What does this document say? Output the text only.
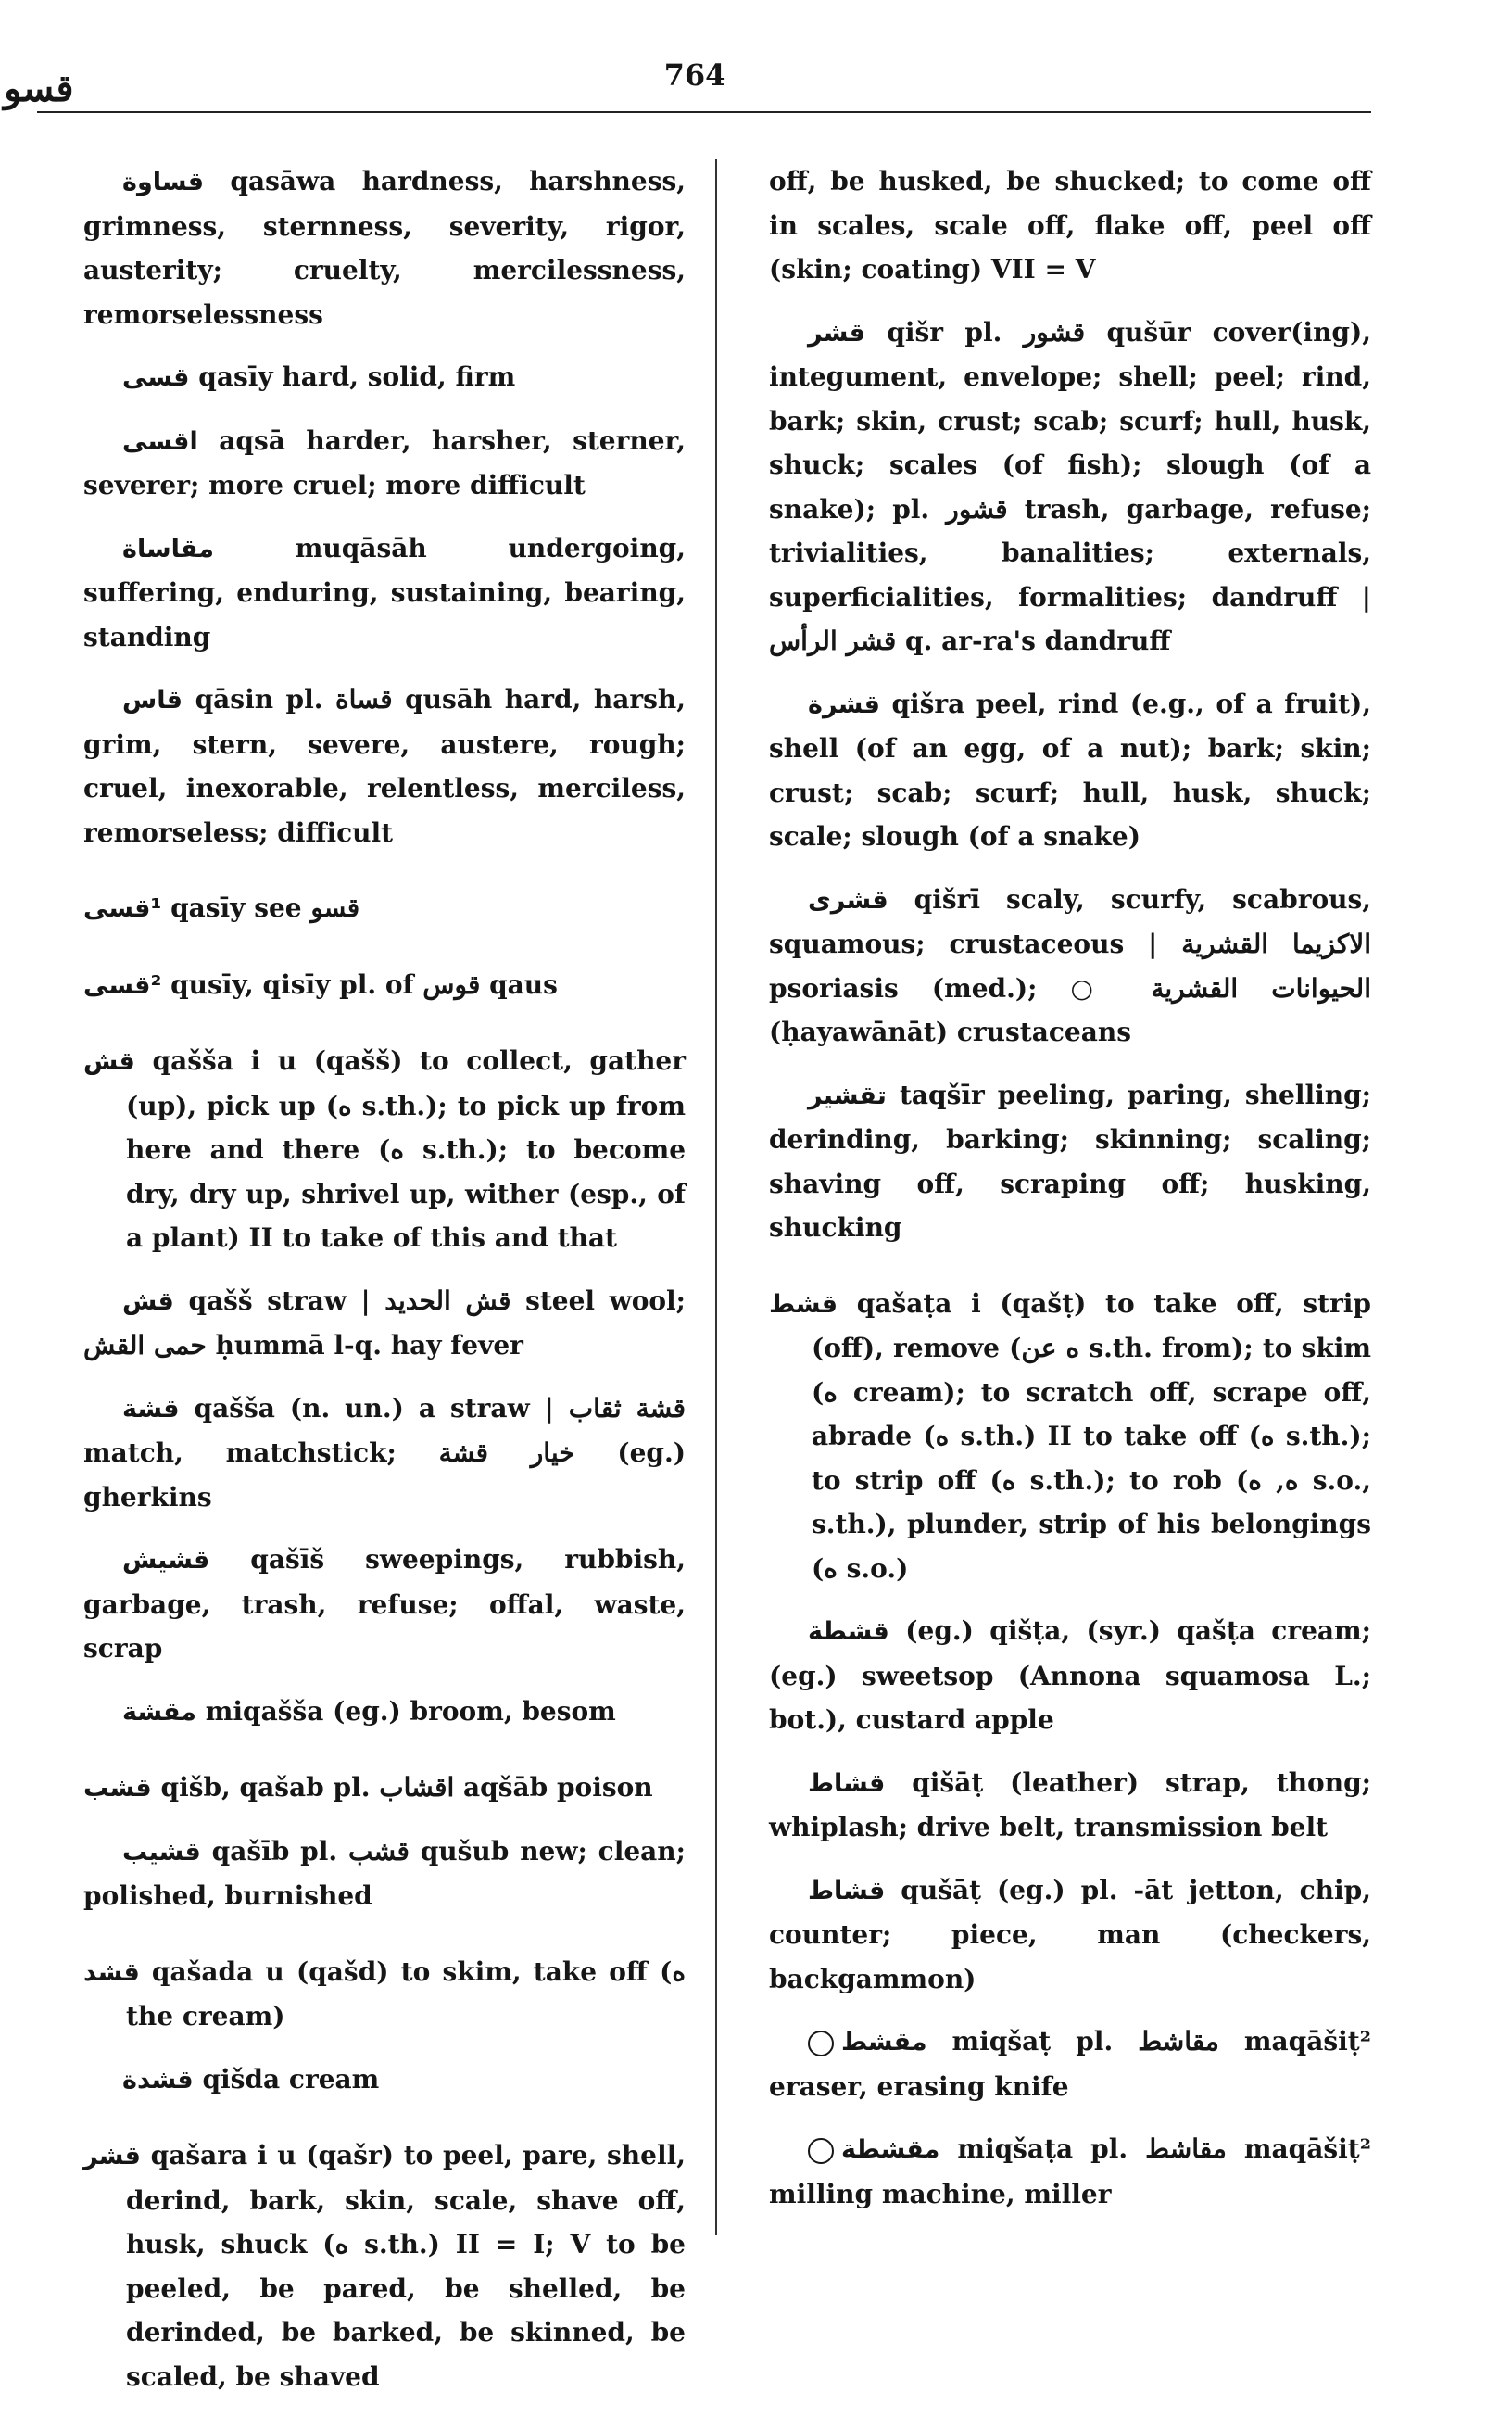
قسو	764

قساوة qasāwa hardness, harshness, grimness, sternness, severity, rigor, austerity; cruelty, mercilessness, remorselessness

قسى qasīy hard, solid, firm

اقسى aqsā harder, harsher, sterner, severer; more cruel; more difficult

مقاساة	muqāsāh undergoing, suffering, enduring, sustaining, bearing, standing

قاس qāsin pl. قساة qusāh hard, harsh, grim, stern, severe, austere, rough; cruel, inexorable, relentless, merciless, remorseless; difficult

¹قسى qasīy see قسو

²قسى qusīy, qisīy pl. of قوس qaus

قش qašša i u (qašš) to collect, gather (up), pick up (ه s.th.); to pick up from here and there (ه s.th.); to become dry, dry up, shrivel up, wither (esp., of a plant) II to take of this and that

قش qašš straw | قش الحديد steel wool; حمى القش ḥummā l-q. hay fever

قشة qašša (n. un.) a straw | قشة ثقاب match, matchstick; خيار قشة (eg.) gherkins

قشيش qašīš sweepings, rubbish, garbage, trash, refuse; offal, waste, scrap

مقشة miqašša (eg.) broom, besom

قشب qišb, qašab pl. اقشاب aqšāb poison

قشيب qašīb pl. قشب qušub new; clean; polished, burnished

قشد qašada u (qašd) to skim, take off (ه the cream)

قشدة qišda cream

قشر qašara i u (qašr) to peel, pare, shell, derind, bark, skin, scale, shave off, husk, shuck (ه s.th.) II = I; V to be peeled, be pared, be shelled, be derinded, be barked, be skinned, be scaled, be shaved

off, be husked, be shucked; to come off in scales, scale off, flake off, peel off (skin; coating) VII = V

قشر qišr pl. قشور qušūr cover(ing), integument, envelope; shell; peel; rind, bark; skin, crust; scab; scurf; hull, husk, shuck; scales (of fish); slough (of a snake); pl. قشور trash, garbage, refuse; trivialities, banalities; externals, superficialities, formalities; dandruff | قشر الرأس q. ar-ra's dandruff

قشرة qišra peel, rind (e.g., of a fruit), shell (of an egg, of a nut); bark; skin; crust; scab; scurf; hull, husk, shuck; scale; slough (of a snake)

قشرى qišrī scaly, scurfy, scabrous, squamous; crustaceous | الاكزيما القشرية psoriasis (med.); ○ الحيوانات القشرية (ḥayawānāt) crustaceans

تقشير taqšīr peeling, paring, shelling; derinding, barking; skinning; scaling; shaving off, scraping off; husking, shucking

قشط qašaṭa i (qašṭ) to take off, strip (off), remove (ه عن s.th. from); to skim (ه cream); to scratch off, scrape off, abrade (ه s.th.) II to take off (ه s.th.); to strip off (ه s.th.); to rob (ه, ه s.o., s.th.), plunder, strip of his belongings (ه s.o.)

قشطة (eg.) qišṭa, (syr.) qašṭa cream; (eg.) sweetsop (Annona squamosa L.; bot.), custard apple

قشاط qišāṭ (leather) strap, thong; whiplash; drive belt, transmission belt

قشاط qušāṭ (eg.) pl. -āt jetton, chip, counter; piece, man (checkers, backgammon)

مقشط miqšaṭ pl. مقاشط maqāšiṭ² eraser, erasing knife

مقشطة miqšaṭa pl. مقاشط maqāšiṭ² milling machine, miller
